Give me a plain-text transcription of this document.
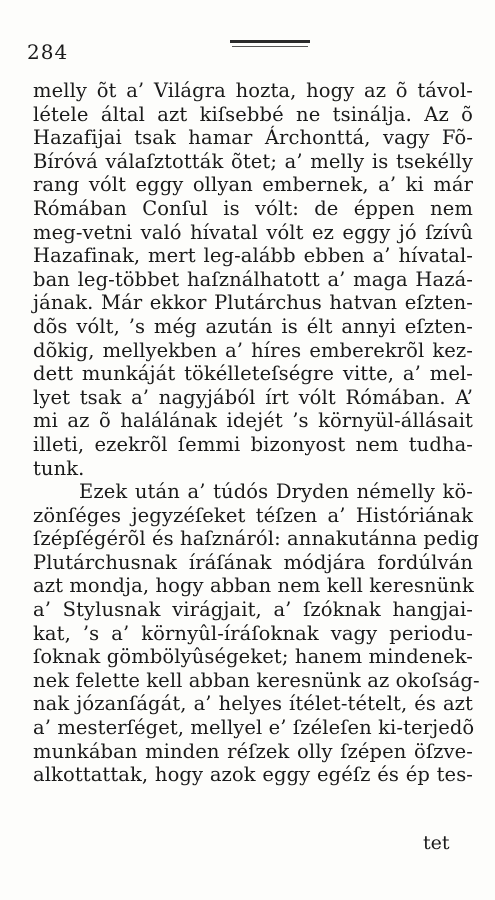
284
melly õt a’ Világra hozta, hogy az õ távol-
létele által azt kiſsebbé ne tsinálja. Az õ
Hazafijai tsak hamar Árchonttá, vagy Fõ-
Bíróvá válaſztották õtet; a’ melly is tsekélly
rang vólt eggy ollyan embernek, a’ ki már
Rómában Conſul is vólt: de éppen nem
meg-vetni való hívatal vólt ez eggy jó ſzívû
Hazafinak, mert leg-alább ebben a’ hívatal-
ban leg-többet haſználhatott a’ maga Hazá-
jának. Már ekkor Plutárchus hatvan eſzten-
dõs vólt, ’s még azután is élt annyi eſzten-
dõkig, mellyekben a’ híres emberekrõl kez-
dett munkáját tökélleteſségre vitte, a’ mel-
lyet tsak a’ nagyjából írt vólt Rómában. A’
mi az õ halálának idejét ’s környül-állásait
illeti, ezekrõl ſemmi bizonyost nem tudha-
tunk.
Ezek után a’ túdós Dryden némelly kö-
zönſéges jegyzéſeket téſzen a’ Históriának
ſzépſégérõl és haſznáról: annakutánna pedig
Plutárchusnak íráſának módjára fordúlván
azt mondja, hogy abban nem kell keresnünk
a’ Stylusnak virágjait, a’ ſzóknak hangjai-
kat, ’s a’ környûl-íráſoknak vagy periodu-
ſoknak gömbölyûségeket; hanem mindenek-
nek felette kell abban keresnünk az okoſság-
nak józanſágát, a’ helyes ítélet-tételt, és azt
a’ mesterſéget, mellyel e’ ſzéleſen ki-terjedõ
munkában minden réſzek olly ſzépen öſzve-
alkottattak, hogy azok eggy egéſz és ép tes-
tet
